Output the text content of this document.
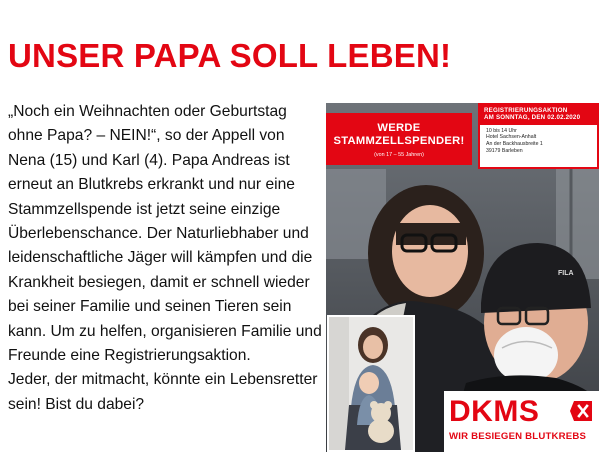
UNSER PAPA SOLL LEBEN!

„Noch ein Weihnachten oder Geburtstag ohne Papa? – NEIN!“, so der Appell von Nena (15) und Karl (4). Papa Andreas ist erneut an Blutkrebs erkrankt und nur eine Stammzellspende ist jetzt seine einzige Überlebenschance. Der Naturliebhaber und leidenschaftliche Jäger will kämpfen und die Krankheit besiegen, damit er schnell wieder bei seiner Familie und seinen Tieren sein kann. Um zu helfen, organisieren Familie und Freunde eine Registrierungsaktion.

Jeder, der mitmacht, könnte ein Lebensretter sein! Bist du dabei?

FILA
WERDE
STAMMZELLSPENDER!
(von 17 – 55 Jahren)
REGISTRIERUNGSAKTION
AM SONNTAG, DEN 02.02.2020
10 bis 14 Uhr
Hotel Sachsen-Anhalt
An der Backhausbreite 1
39179 Barleben
DKMS
WIR BESIEGEN BLUTKREBS
